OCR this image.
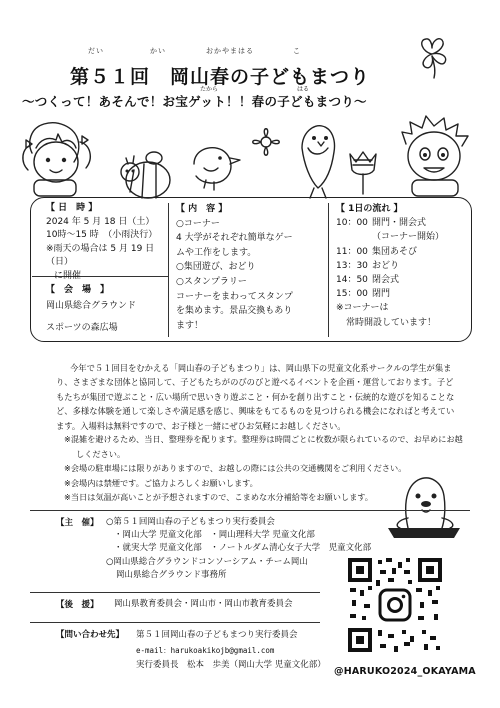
だい	かい	おかやまはる	こ
第５１回　岡山春の子どもまつり
～つくって！あそんで！お宝ゲット！！春の子どもまつり～
たから	はる
【 日　時 】
2024 年 5 月 18 日（土）
10時～15 時　（小雨決行）
※雨天の場合は 5 月 19 日（日）
に開催
【　会　場　】
岡山県総合グラウンド
スポーツの森広場
【 内　容 】
○コーナー
4 大学がそれぞれ簡単なゲー
ムや工作をします。
○集団遊び、おどり
○スタンプラリー
コーナーをまわってスタンプ
を集めます。景品交換もあり
ます！
【 1日の流れ 】
10：00 開門・開会式
（コーナー開始）
11：00 集団あそび
13：30 おどり
14：50 閉会式
15：00 閉門
※コーナーは
常時開設しています！
今年で５１回目をむかえる「岡山春の子どもまつり」は、岡山県下の児童文化系サークルの学生が集まり、さまざまな団体と協同して、子どもたちがのびのびと遊べるイベントを企画・運営しております。子どもたちが集団で遊ぶこと・広い場所で思いきり遊ぶこと・何かを創り出すこと・伝統的な遊びを知ることなど、多様な体験を通して楽しさや満足感を感じ、興味をもてるものを見つけられる機会になればと考えています。入場料は無料ですので、お子様と一緒にぜひお気軽にお越しください。
※混雑を避けるため、当日、整理券を配ります。整理券は時間ごとに枚数が限られているので、お早めにお越しください。
※会場の駐車場には限りがありますので、お越しの際には公共の交通機関をご利用ください。
※会場内は禁煙です。ご協力よろしくお願いします。
※当日は気温が高いことが予想されますので、こまめな水分補給等をお願いします。
【主　催】 ○第５１回岡山春の子どもまつり実行委員会
・岡山大学 児童文化部　・岡山理科大学 児童文化部
・就実大学 児童文化部　・ノートルダム清心女子大学　児童文化部
○岡山県総合グラウンドコンソーシアム・チーム岡山
岡山県総合グラウンド事務所
【後　援】 岡山県教育委員会・岡山市・岡山市教育委員会
【問い合わせ先】 第５１回岡山春の子どもまつり実行委員会
e-mail：harukoakikojb@gmail.com
実行委員長　松本　歩美（岡山大学 児童文化部）
@HARUKO2024_OKAYAMA
